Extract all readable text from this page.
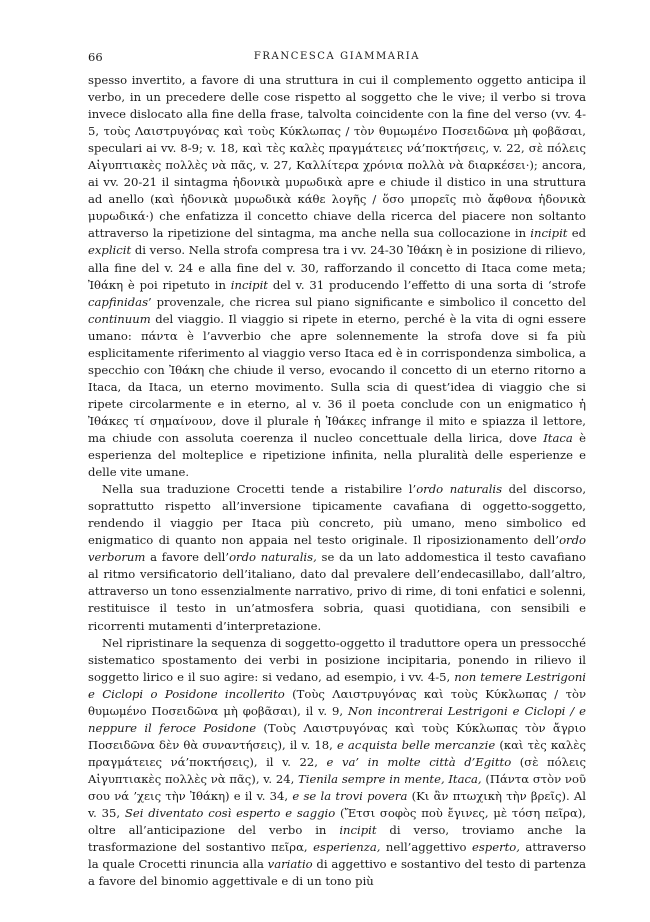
66	FRANCESCA GIAMMARIA

spesso invertito, a favore di una struttura in cui il complemento oggetto anticipa il verbo, in un precedere delle cose rispetto al soggetto che le vive; il verbo si trova invece dislocato alla fine della frase, talvolta coincidente con la fine del verso (vv. 4-5, τοὺς Λαιστρυγόνας καὶ τοὺς Κύκλωπας / τὸν θυμωμένο Ποσειδῶνα μὴ φοβᾶσαι, speculari ai vv. 8-9; v. 18, καὶ τὲς καλὲς πραγμάτειες νά’ποκτήσεις, v. 22, σὲ πόλεις Αἰγυπτιακὲς πολλὲς νὰ πᾶς, v. 27, Καλλίτερα χρόνια πολλὰ νὰ διαρκέσει·); ancora, ai vv. 20-21 il sintagma ἡδονικὰ μυρωδικὰ apre e chiude il distico in una struttura ad anello (καὶ ἡδονικὰ μυρωδικὰ κάθε λογῆς / ὅσο μπορεῖς πιὸ ἄφθονα ἡδονικὰ μυρωδικά·) che enfatizza il concetto chiave della ricerca del piacere non soltanto attraverso la ripetizione del sintagma, ma anche nella sua collocazione in incipit ed explicit di verso. Nella strofa compresa tra i vv. 24-30 Ἰθάκη è in posizione di rilievo, alla fine del v. 24 e alla fine del v. 30, rafforzando il concetto di Itaca come meta; Ἰθάκη è poi ripetuto in incipit del v. 31 producendo l’effetto di una sorta di ‘strofe capfinidas’ provenzale, che ricrea sul piano significante e simbolico il concetto del continuum del viaggio. Il viaggio si ripete in eterno, perché è la vita di ogni essere umano: πάντα è l’avverbio che apre solennemente la strofa dove si fa più esplicitamente riferimento al viaggio verso Itaca ed è in corrispondenza simbolica, a specchio con Ἰθάκη che chiude il verso, evocando il concetto di un eterno ritorno a Itaca, da Itaca, un eterno movimento. Sulla scia di quest’idea di viaggio che si ripete circolarmente e in eterno, al v. 36 il poeta conclude con un enigmatico ἡ Ἰθάκες τί σημαίνουν, dove il plurale ἡ Ἰθάκες infrange il mito e spiazza il lettore, ma chiude con assoluta coerenza il nucleo concettuale della lirica, dove Itaca è esperienza del molteplice e ripetizione infinita, nella pluralità delle esperienze e delle vite umane.

Nella sua traduzione Crocetti tende a ristabilire l’ordo naturalis del discorso, soprattutto rispetto all’inversione tipicamente cavafiana di oggetto-soggetto, rendendo il viaggio per Itaca più concreto, più umano, meno simbolico ed enigmatico di quanto non appaia nel testo originale. Il riposizionamento dell’ordo verborum a favore dell’ordo naturalis, se da un lato addomestica il testo cavafiano al ritmo versificatorio dell’italiano, dato dal prevalere dell’endecasillabo, dall’altro, attraverso un tono essenzialmente narrativo, privo di rime, di toni enfatici e solenni, restituisce il testo in un’atmosfera sobria, quasi quotidiana, con sensibili e ricorrenti mutamenti d’interpretazione.

Nel ripristinare la sequenza di soggetto-oggetto il traduttore opera un pressocché sistematico spostamento dei verbi in posizione incipitaria, ponendo in rilievo il soggetto lirico e il suo agire: si vedano, ad esempio, i vv. 4-5, non temere Lestrigoni e Ciclopi o Posidone incollerito (Τοὺς Λαιστρυγόνας καὶ τοὺς Κύκλωπας / τὸν θυμωμένο Ποσειδῶνα μὴ φοβᾶσαι), il v. 9, Non incontrerai Lestrigoni e Ciclopi / e neppure il feroce Posidone (Τοὺς Λαιστρυγόνας καὶ τοὺς Κύκλωπας τὸν ἄγριο Ποσειδῶνα δὲν θὰ συναντήσεις), il v. 18, e acquista belle mercanzie (καὶ τὲς καλὲς πραγμάτειες νά’ποκτήσεις), il v. 22, e va’ in molte città d’Egitto (σὲ πόλεις Αἰγυπτιακὲς πολλὲς νὰ πᾶς), v. 24, Tienila sempre in mente, Itaca, (Πάντα στὸν νοῦ σου νά ’χεις τὴν Ἰθάκη) e il v. 34, e se la trovi povera (Κι ἂν πτωχικὴ τὴν βρεῖς). Al v. 35, Sei diventato così esperto e saggio (Ἔτσι σοφὸς ποὺ ἔγινες, μὲ τόση πεῖρα), oltre all’anticipazione del verbo in incipit di verso, troviamo anche la trasformazione del sostantivo πεῖρα, esperienza, nell’aggettivo esperto, attraverso la quale Crocetti rinuncia alla variatio di aggettivo e sostantivo del testo di partenza a favore del binomio aggettivale e di un tono più
